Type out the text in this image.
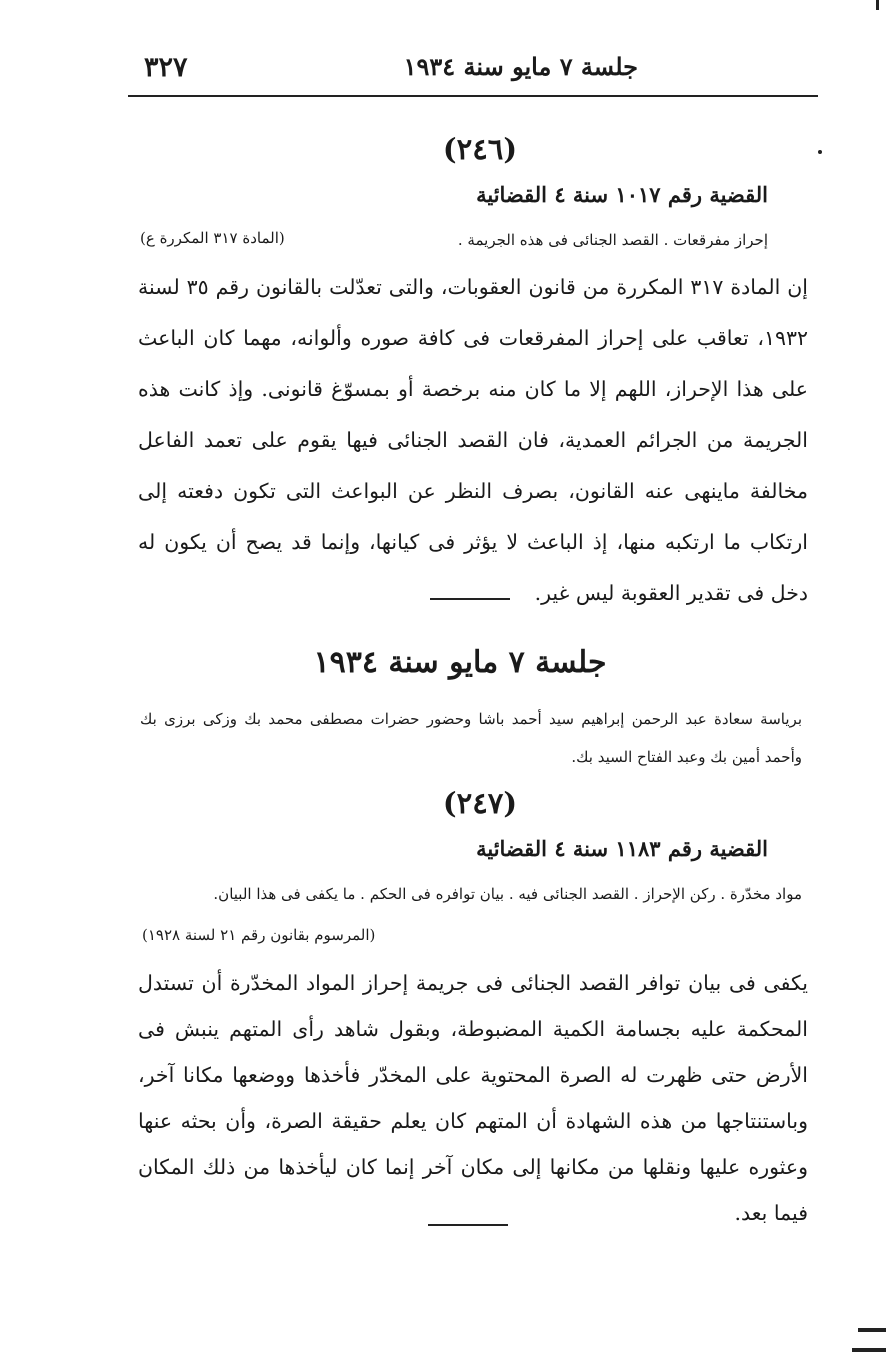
٣٢٧	جلسة ٧ مايو سنة ١٩٣٤
(٢٤٦)
القضية رقم ١٠١٧ سنة ٤ القضائية
إحراز مفرقعات . القصد الجنائى فى هذه الجريمة .
(المادة ٣١٧ المكررة ع)
إن المادة ٣١٧ المكررة من قانون العقوبات، والتى تعدّلت بالقانون رقم ٣٥ لسنة ١٩٣٢، تعاقب على إحراز المفرقعات فى كافة صوره وألوانه، مهما كان الباعث على هذا الإحراز، اللهم إلا ما كان منه برخصة أو بمسوّغ قانونى. وإذ كانت هذه الجريمة من الجرائم العمدية، فان القصد الجنائى فيها يقوم على تعمد الفاعل مخالفة ماينهى عنه القانون، بصرف النظر عن البواعث التى تكون دفعته إلى ارتكاب ما ارتكبه منها، إذ الباعث لا يؤثر فى كيانها، وإنما قد يصح أن يكون له دخل فى تقدير العقوبة ليس غير.
جلسة ٧ مايو سنة ١٩٣٤
برياسة سعادة عبد الرحمن إبراهيم سيد أحمد باشا وحضور حضرات مصطفى محمد بك وزكى برزى بك وأحمد أمين بك وعبد الفتاح السيد بك.
(٢٤٧)
القضية رقم ١١٨٣ سنة ٤ القضائية
مواد مخدّرة . ركن الإحراز . القصد الجنائى فيه . بيان توافره فى الحكم . ما يكفى فى هذا البيان.
(المرسوم بقانون رقم ٢١ لسنة ١٩٢٨)
يكفى فى بيان توافر القصد الجنائى فى جريمة إحراز المواد المخدّرة أن تستدل المحكمة عليه بجسامة الكمية المضبوطة، وبقول شاهد رأى المتهم ينبش فى الأرض حتى ظهرت له الصرة المحتوية على المخدّر فأخذها ووضعها مكانا آخر، وباستنتاجها من هذه الشهادة أن المتهم كان يعلم حقيقة الصرة، وأن بحثه عنها وعثوره عليها ونقلها من مكانها إلى مكان آخر إنما كان ليأخذها من ذلك المكان فيما بعد.
